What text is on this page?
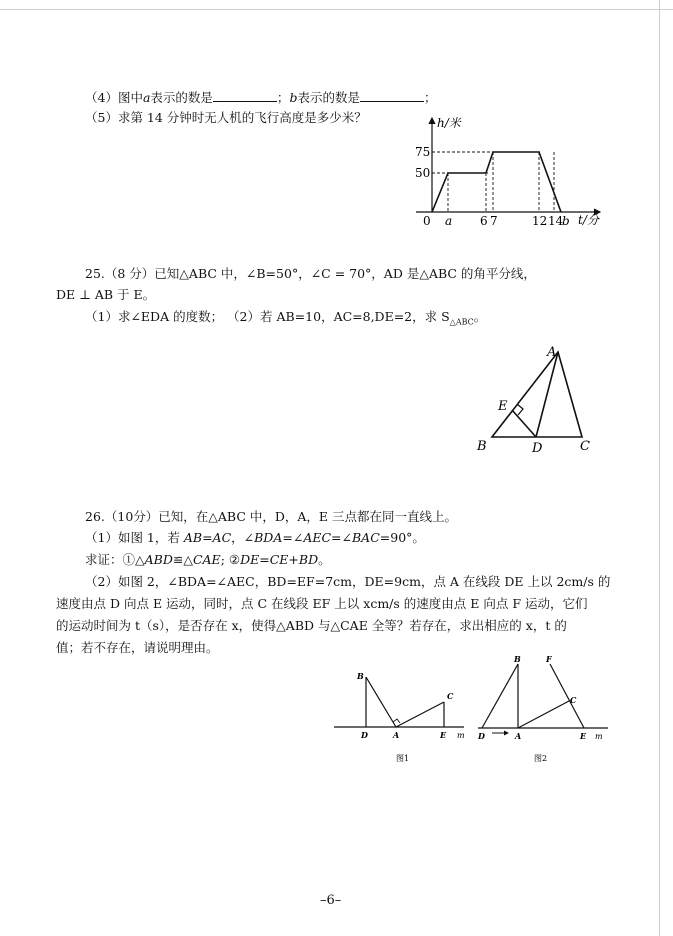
（4）图中a表示的数是	；b表示的数是	；
（5）求第 14 分钟时无人机的飞行高度是多少米？	h/米
t/分
75
50
0 a 6 7	12 14
b
25.（8 分）已知△ABC 中，∠B=50°，∠C = 70°，AD 是△ABC 的角平分线，
DE ⊥ AB 于 E。
（1）求∠EDA 的度数； （2）若 AB=10，AC=8,DE=2，求 $S_{\triangle ABC}$。
A
E
B	D	C
26.（10分）已知，在△ABC 中，D，A，E 三点都在同一直线上。
（1）如图 1，若 AB=AC，∠BDA=∠AEC=∠BAC=90°。
求证：①△ABD≌△CAE; ②DE=CE+BD。
（2）如图 2，∠BDA=∠AEC，BD=EF=7cm，DE=9cm，点 A 在线段 DE 上以 2cm/s 的
速度由点 D 向点 E 运动，同时，点 C 在线段 EF 上以 xcm/s 的速度由点 E 向点 F 运动，它们
的运动时间为 t（s），是否存在 x，使得△ABD 与△CAE 全等？若存在，求出相应的 x，t 的
值；若不存在，请说明理由。
B
C
D	A	E m
图1
B	F
C
D	A	E m
图2
–6–
